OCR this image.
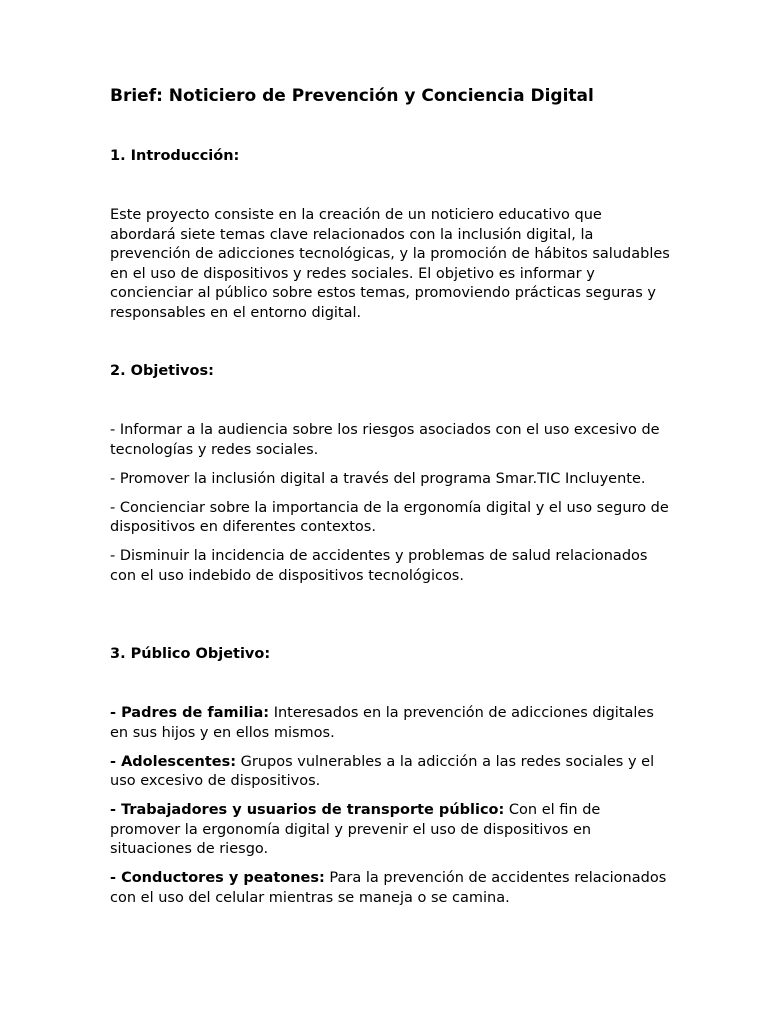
Brief: Noticiero de Prevención y Conciencia Digital
1. Introducción:

Este proyecto consiste en la creación de un noticiero educativo que abordará siete temas clave relacionados con la inclusión digital, la prevención de adicciones tecnológicas, y la promoción de hábitos saludables en el uso de dispositivos y redes sociales. El objetivo es informar y concienciar al público sobre estos temas, promoviendo prácticas seguras y responsables en el entorno digital.

2. Objetivos:

- Informar a la audiencia sobre los riesgos asociados con el uso excesivo de tecnologías y redes sociales.

- Promover la inclusión digital a través del programa Smar.TIC Incluyente.

- Concienciar sobre la importancia de la ergonomía digital y el uso seguro de dispositivos en diferentes contextos.

- Disminuir la incidencia de accidentes y problemas de salud relacionados con el uso indebido de dispositivos tecnológicos.

3. Público Objetivo:

- Padres de familia: Interesados en la prevención de adicciones digitales en sus hijos y en ellos mismos.

- Adolescentes: Grupos vulnerables a la adicción a las redes sociales y el uso excesivo de dispositivos.

- Trabajadores y usuarios de transporte público: Con el fin de promover la ergonomía digital y prevenir el uso de dispositivos en situaciones de riesgo.

- Conductores y peatones: Para la prevención de accidentes relacionados con el uso del celular mientras se maneja o se camina.
